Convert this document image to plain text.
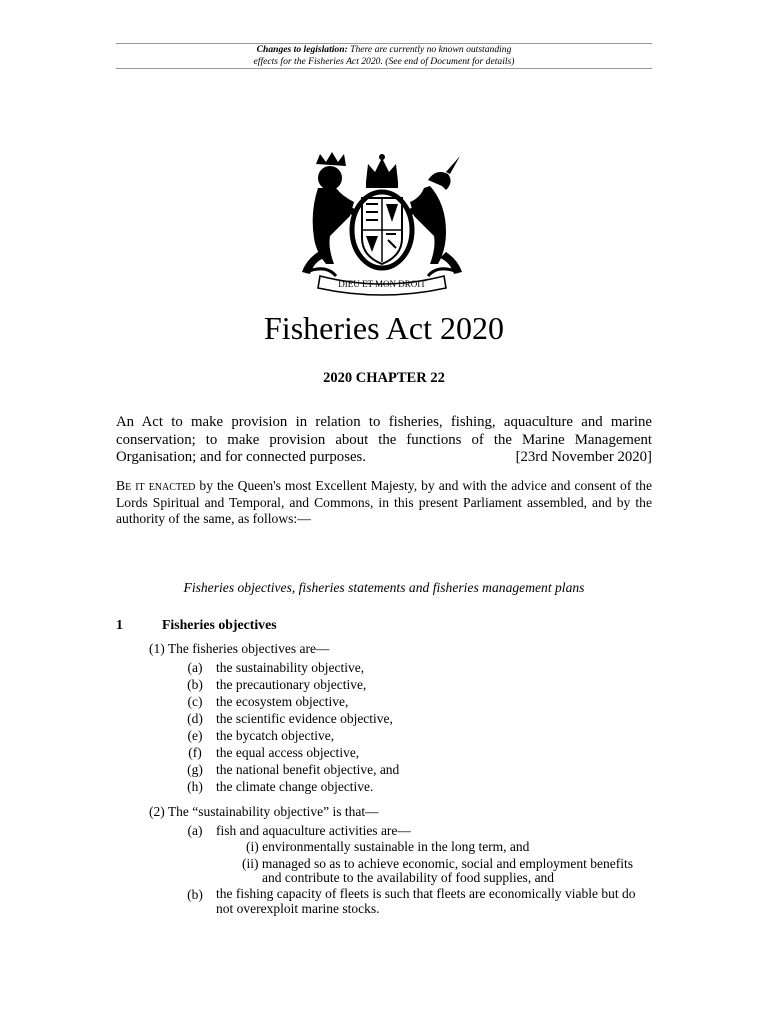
Changes to legislation: There are currently no known outstanding
effects for the Fisheries Act 2020. (See end of Document for details)
DIEU ET MON DROIT
Fisheries Act 2020
2020 CHAPTER 22
An Act to make provision in relation to fisheries, fishing, aquaculture and marine conservation; to make provision about the functions of the Marine Management Organisation; and for connected purposes.	[23rd November 2020]
Be it enacted by the Queen's most Excellent Majesty, by and with the advice and consent of the Lords Spiritual and Temporal, and Commons, in this present Parliament assembled, and by the authority of the same, as follows:—
Fisheries objectives, fisheries statements and fisheries management plans
1	Fisheries objectives
(1) The fisheries objectives are—
(a)	the sustainability objective,
(b) the precautionary objective,
(c)	the ecosystem objective,
(d) the scientific evidence objective,
(e)	the bycatch objective,
(f)	the equal access objective,
(g) the national benefit objective, and
(h) the climate change objective.
(2) The “sustainability objective” is that—
(a)	fish and aquaculture activities are—
(i) environmentally sustainable in the long term, and
(ii) managed so as to achieve economic, social and employment benefits
and contribute to the availability of food supplies, and
(b) the fishing capacity of fleets is such that fleets are economically viable but do not overexploit marine stocks.
